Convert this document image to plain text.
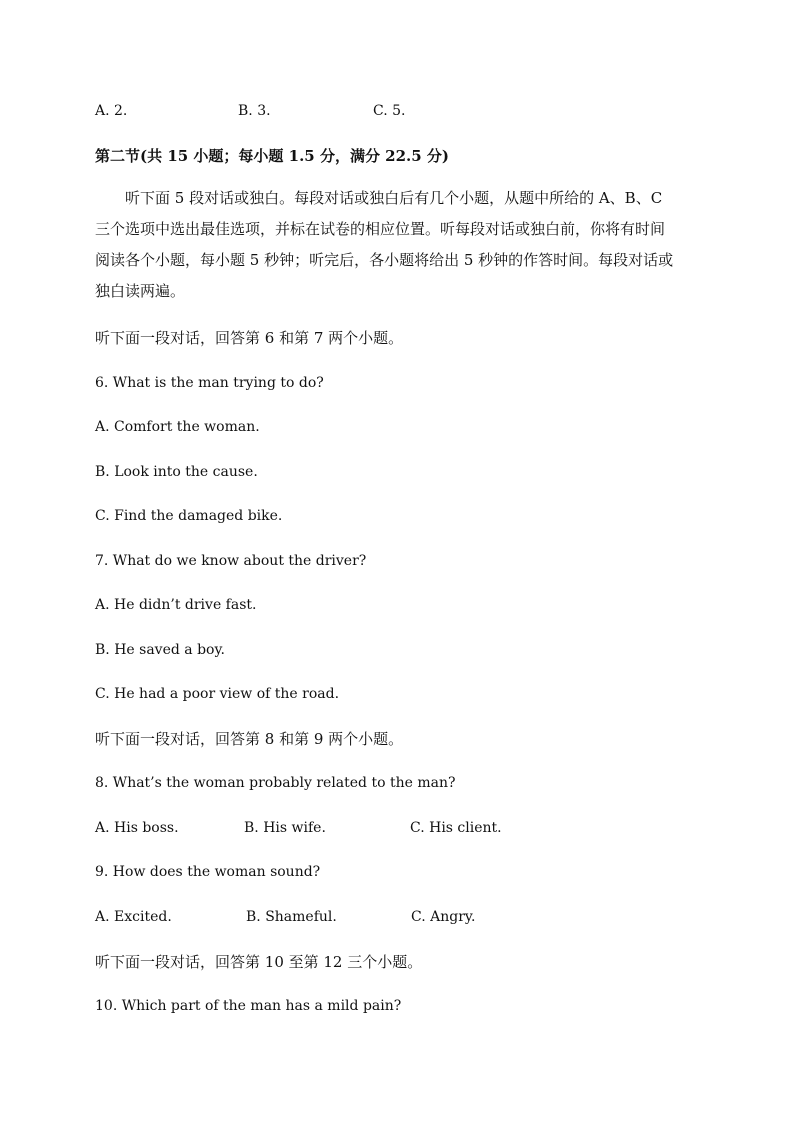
A. 2.	B. 3.	C. 5.
第二节(共 15 小题；每小题 1.5 分，满分 22.5 分)
听下面 5 段对话或独白。每段对话或独白后有几个小题，从题中所给的 A、B、C
三个选项中选出最佳选项，并标在试卷的相应位置。听每段对话或独白前，你将有时间
阅读各个小题，每小题 5 秒钟；听完后，各小题将给出 5 秒钟的作答时间。每段对话或
独白读两遍。
听下面一段对话，回答第 6 和第 7 两个小题。
6. What is the man trying to do?
A. Comfort the woman.
B. Look into the cause.
C. Find the damaged bike.
7. What do we know about the driver?
A. He didn’t drive fast.
B. He saved a boy.
C. He had a poor view of the road.
听下面一段对话，回答第 8 和第 9 两个小题。
8. What’s the woman probably related to the man?
A. His boss.	B. His wife.	C. His client.
9. How does the woman sound?
A. Excited.	B. Shameful.	C. Angry.
听下面一段对话，回答第 10 至第 12 三个小题。
10. Which part of the man has a mild pain?
